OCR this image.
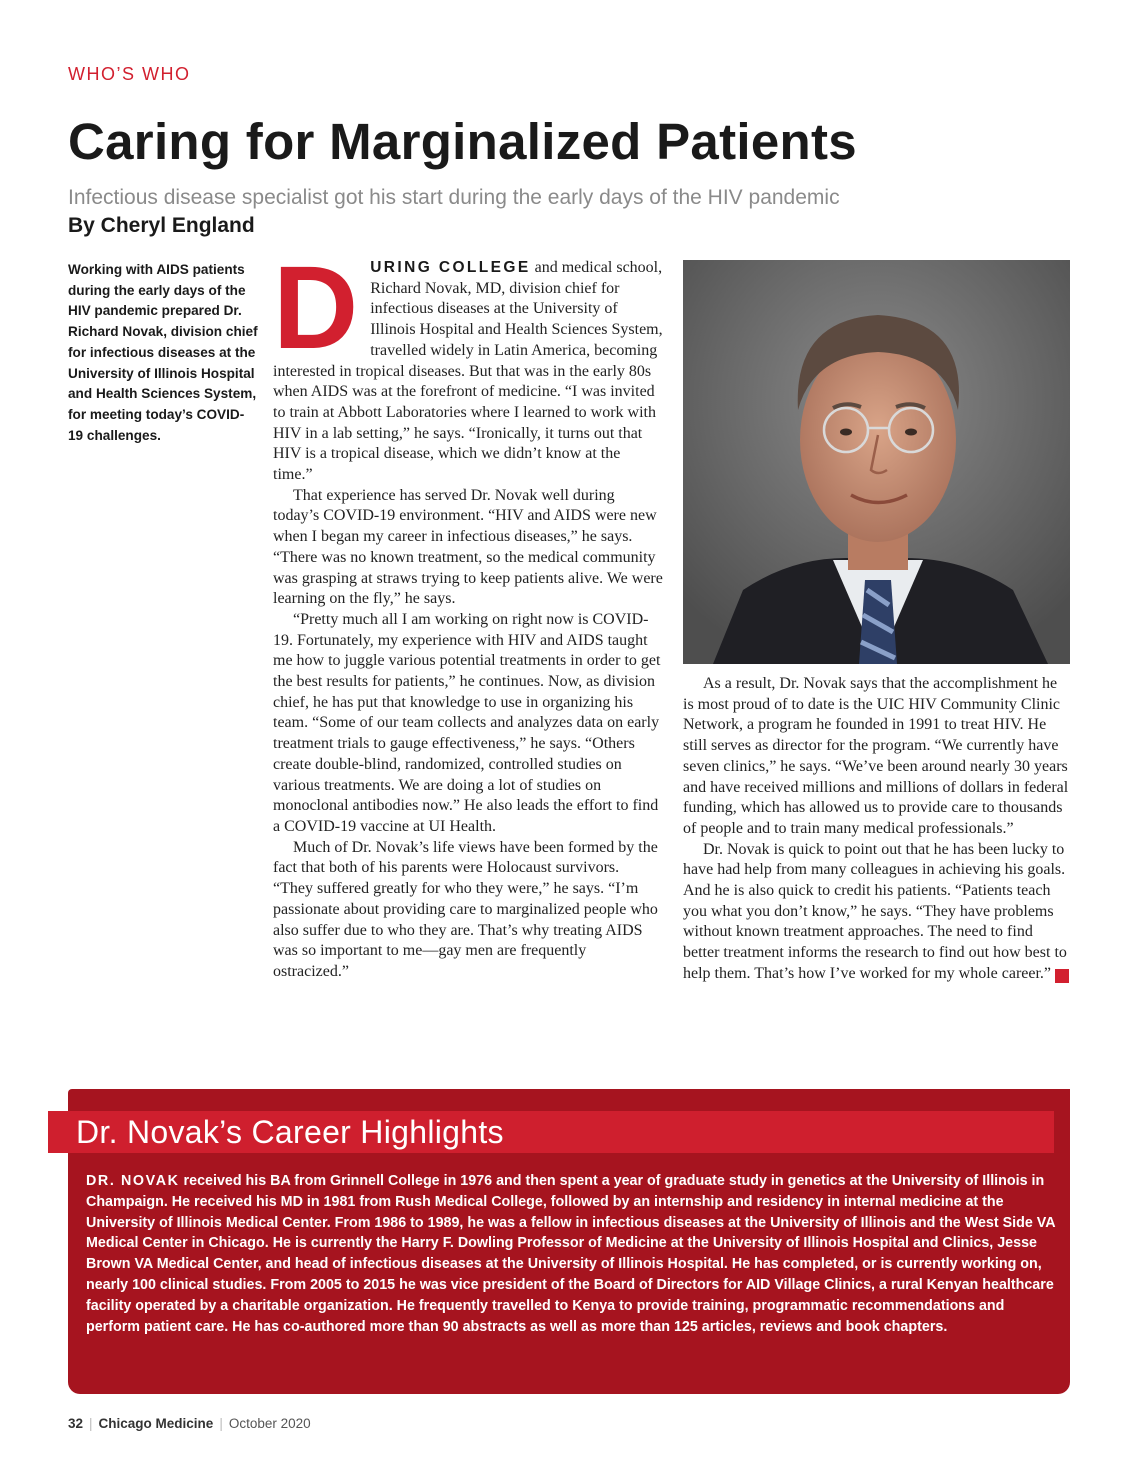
WHO’S WHO
Caring for Marginalized Patients
Infectious disease specialist got his start during the early days of the HIV pandemic
By Cheryl England
Working with AIDS patients during the early days of the HIV pandemic prepared Dr. Richard Novak, division chief for infectious diseases at the University of Illinois Hospital and Health Sciences System, for meeting today’s COVID-19 challenges.

DURING COLLEGE and medical school, Richard Novak, MD, division chief for infectious diseases at the University of Illinois Hospital and Health Sciences System, travelled widely in Latin America, becoming interested in tropical diseases. But that was in the early 80s when AIDS was at the forefront of medicine. “I was invited to train at Abbott Laboratories where I learned to work with HIV in a lab setting,” he says. “Ironically, it turns out that HIV is a tropical disease, which we didn’t know at the time.”

That experience has served Dr. Novak well during today’s COVID-19 environment. “HIV and AIDS were new when I began my career in infectious diseases,” he says. “There was no known treatment, so the medical community was grasping at straws trying to keep patients alive. We were learning on the fly,” he says.

“Pretty much all I am working on right now is COVID-19. Fortunately, my experience with HIV and AIDS taught me how to juggle various potential treatments in order to get the best results for patients,” he continues. Now, as division chief, he has put that knowledge to use in organizing his team. “Some of our team collects and analyzes data on early treatment trials to gauge effectiveness,” he says. “Others create double-blind, randomized, controlled studies on various treatments. We are doing a lot of studies on monoclonal antibodies now.” He also leads the effort to find a COVID-19 vaccine at UI Health.

Much of Dr. Novak’s life views have been formed by the fact that both of his parents were Holocaust survivors. “They suffered greatly for who they were,” he says. “I’m passionate about providing care to marginalized people who also suffer due to who they are. That’s why treating AIDS was so important to me—gay men are frequently ostracized.”

As a result, Dr. Novak says that the accomplishment he is most proud of to date is the UIC HIV Community Clinic Network, a program he founded in 1991 to treat HIV. He still serves as director for the program. “We currently have seven clinics,” he says. “We’ve been around nearly 30 years and have received millions and millions of dollars in federal funding, which has allowed us to provide care to thousands of people and to train many medical professionals.”

Dr. Novak is quick to point out that he has been lucky to have had help from many colleagues in achieving his goals. And he is also quick to credit his patients. “Patients teach you what you don’t know,” he says. “They have problems without known treatment approaches. The need to find better treatment informs the research to find out how best to help them. That’s how I’ve worked for my whole career.” C

Dr. Novak’s Career Highlights

DR. NOVAK received his BA from Grinnell College in 1976 and then spent a year of graduate study in genetics at the University of Illinois in Champaign. He received his MD in 1981 from Rush Medical College, followed by an internship and residency in internal medicine at the University of Illinois Medical Center. From 1986 to 1989, he was a fellow in infectious diseases at the University of Illinois and the West Side VA Medical Center in Chicago. He is currently the Harry F. Dowling Professor of Medicine at the University of Illinois Hospital and Clinics, Jesse Brown VA Medical Center, and head of infectious diseases at the University of Illinois Hospital. He has completed, or is currently working on, nearly 100 clinical studies. From 2005 to 2015 he was vice president of the Board of Directors for AID Village Clinics, a rural Kenyan healthcare facility operated by a charitable organization. He frequently travelled to Kenya to provide training, programmatic recommendations and perform patient care. He has co-authored more than 90 abstracts as well as more than 125 articles, reviews and book chapters.

32 | Chicago Medicine | October 2020
